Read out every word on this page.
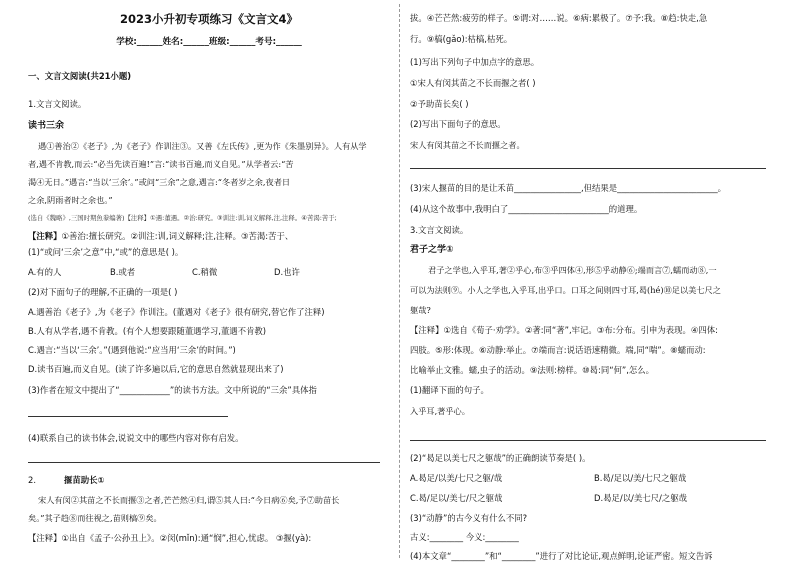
2023小升初专项练习《文言文4》
学校:______姓名:______班级:______考号:______
一、文言文阅读(共21小题)
1.文言文阅读。
读书三余
遇①善治②《老子》,为《老子》作训注③。又善《左氏传》,更为作《朱墨别异》。人有从学
者,遇不肯教,而云:“必当先读百遍!”言:“读书百遍,而义自见。”从学者云:“苦
渴④无日。”遇言:“当以‘三余’。”或问“三余”之意,遇言:“冬者岁之余,夜者日
之余,阴雨者时之余也。”
(选自《魏略》,三国时期魚豢编著)【注释】①遇:董遇。②治:研究。③训注:训,词义解释,注,注释。④苦渴:苦于;
【注释】①善治:擅长研究。②训注:训,词义解释;注,注释。③苦渴:苦于、
(1)“或问‘三余’之意”中,“或”的意思是( )。
A.有的人	B.或者	C.稍微	D.也许
(2)对下面句子的理解,不正确的一项是( )
A.遇善治《老子》,为《老子》作训注。(董遇对《老子》很有研究,替它作了注释)
B.人有从学者,遇不肯教。(有个人想要跟随董遇学习,董遇不肯教)
C.遇言:“当以‘三余’。”(遇到他说:“应当用‘三余’的时间。”)
D.读书百遍,而义自见。(读了许多遍以后,它的意思自然就显现出来了)
(3)作者在短文中提出了“____________”的读书方法。文中所说的“三余”具体指
(4)联系自己的读书体会,说说文中的哪些内容对你有启发。
2.	揠苗助长①
宋人有闵②其苗之不长而揠③之者,芒芒然④归,谓⑤其人曰:“今日病⑥矣,予⑦助苗长
矣。”其子趋⑧而往视之,苗则槁⑨矣。
【注释】①出自《孟子·公孙丑上》。②闵(mǐn):通“悯”,担心,忧虑。 ③揠(yà):
拔。④芒芒然:疲劳的样子。⑤谓:对……说。⑥病:累极了。⑦予:我。⑧趋:快走,急
行。⑨槁(gǎo):枯槁,枯死。
(1)写出下列句子中加点字的意思。
①宋人有闵其苗之不长而揠之者( )
②予助苗长矣( )
(2)写出下面句子的意思。
宋人有闵其苗之不长而揠之者。
(3)宋人揠苗的目的是让禾苗________________,但结果是________________________。
(4)从这个故事中,我明白了________________________的道理。
3.文言文阅读。
君子之学①
君子之学也,入乎耳,著②乎心,布③乎四体④,形⑤乎动静⑥;端而言⑦,蠕而动⑧,一
可以为法则⑨。小人之学也,入乎耳,出乎口。口耳之间则四寸耳,曷(hé)⑩足以美七尺之
躯哉?
【注释】①选自《荀子·劝学》。②著:同“著”,牢记。③布:分布。引申为表现。④四体:
四肢。⑤形:体现。⑥动静:举止。⑦端而言:说话语速精微。端,同“喘”。⑧蠕而动:
比喻举止文雅。蠕,虫子的活动。⑨法则:榜样。⑩曷:同“何”,怎么。
(1)翻译下面的句子。
入乎耳,著乎心。
(2)“曷足以美七尺之躯哉”的正确朗读节奏是( )。
A.曷足/以美/七尺之躯/哉	B.曷/足以/美/七尺之躯哉
C.曷/足以/美七/尺之躯哉	D.曷足/以/美七尺/之躯哉
(3)“动静”的古今义有什么不同?
古义:________ 今义:________
(4)本文章“________”和“________”进行了对比论证,观点鲜明,论证严密。短文告诉
